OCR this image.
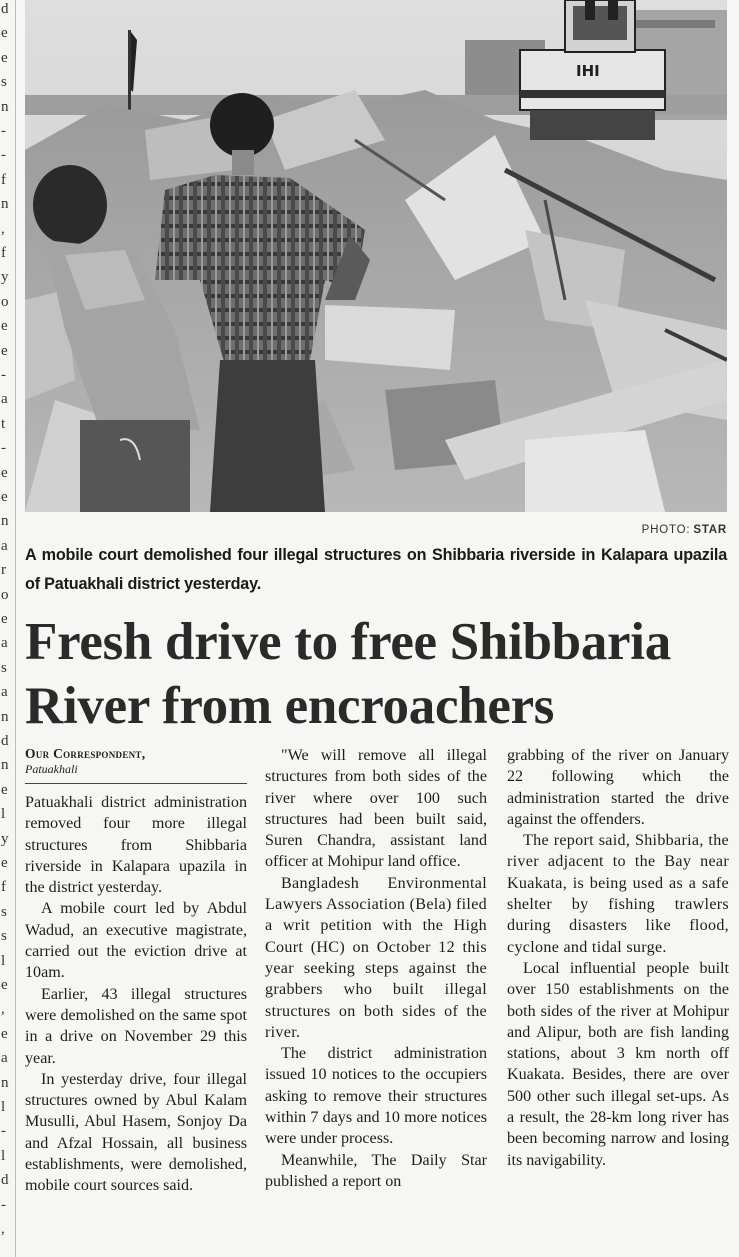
d
e
e
s
n
-
-
f
n
,
f
y
o
e
e
-
a
t
-
e
e
n
a
r
o
e
a
s
a
n
d
n
e
l
y
e
f
s
s
l
e
,
e
a
n
l
-
l
d
-
,
IHI
PHOTO: STAR
A mobile court demolished four illegal structures on Shibbaria riverside in Kalapara upazila of Patuakhali district yesterday.
Fresh drive to free Shibbaria River from encroachers
Our Correspondent,
Patuakhali

Patuakhali district administration removed four more illegal structures from Shibbaria riverside in Kalapara upazila in the district yesterday.

A mobile court led by Abdul Wadud, an executive magistrate, carried out the eviction drive at 10am.

Earlier, 43 illegal structures were demolished on the same spot in a drive on November 29 this year.

In yesterday drive, four illegal structures owned by Abul Kalam Musulli, Abul Hasem, Sonjoy Da and Afzal Hossain, all business establishments, were demolished, mobile court sources said.

"We will remove all illegal structures from both sides of the river where over 100 such structures had been built said, Suren Chandra, assistant land officer at Mohipur land office.

Bangladesh Environmental Lawyers Association (Bela) filed a writ petition with the High Court (HC) on October 12 this year seeking steps against the grabbers who built illegal structures on both sides of the river.

The district administration issued 10 notices to the occupiers asking to remove their structures within 7 days and 10 more notices were under process.

Meanwhile, The Daily Star published a report on

grabbing of the river on January 22 following which the administration started the drive against the offenders.

The report said, Shibbaria, the river adjacent to the Bay near Kuakata, is being used as a safe shelter by fishing trawlers during disasters like flood, cyclone and tidal surge.

Local influential people built over 150 establishments on the both sides of the river at Mohipur and Alipur, both are fish landing stations, about 3 km north off Kuakata. Besides, there are over 500 other such illegal set-ups. As a result, the 28-km long river has been becoming narrow and losing its navigability.
